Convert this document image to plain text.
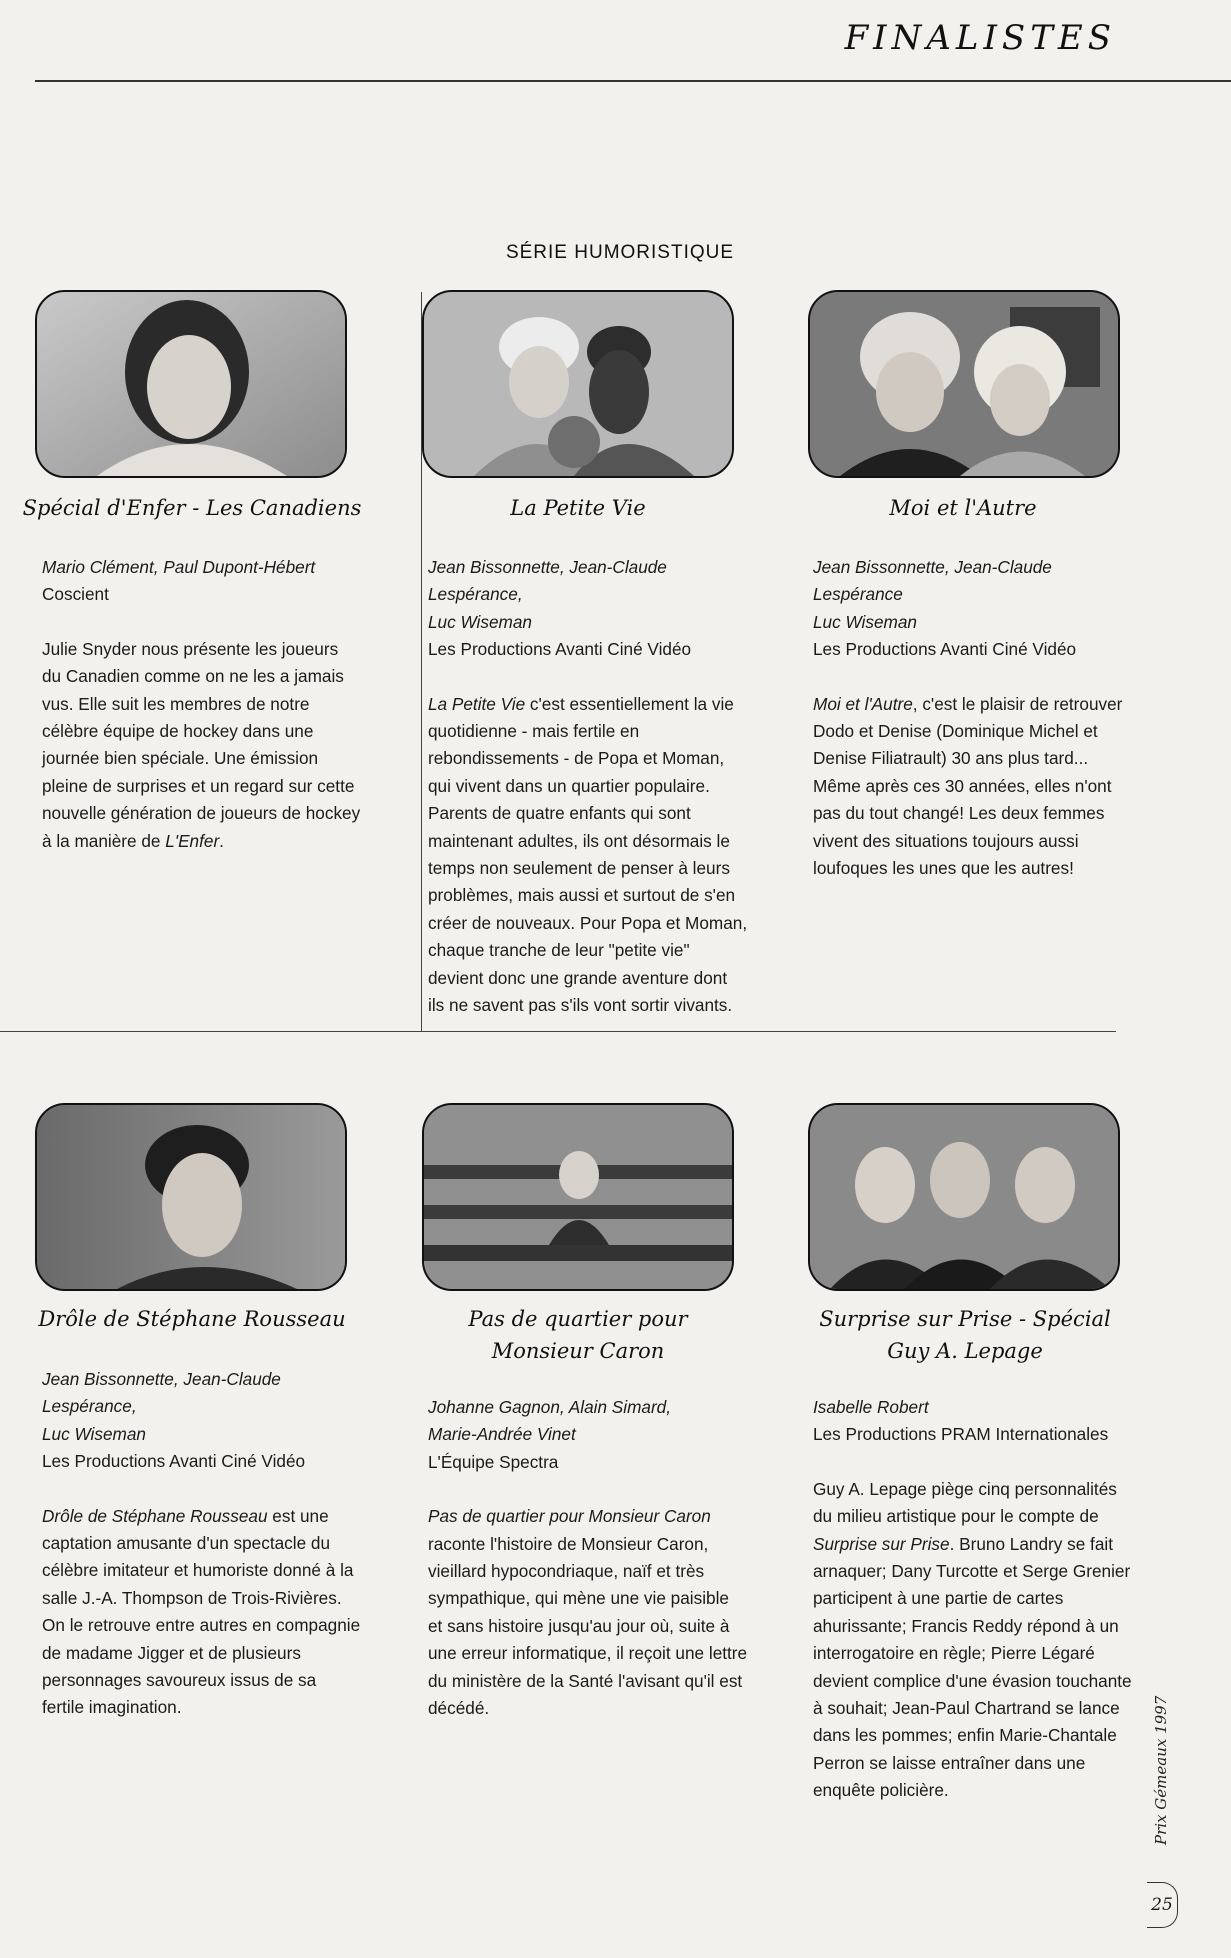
FINALISTES
SÉRIE HUMORISTIQUE
Spécial d'Enfer - Les Canadiens	La Petite Vie	Moi et l'Autre
Drôle de Stéphane Rousseau	Pas de quartier pour Monsieur Caron
Surprise sur Prise - Spécial Guy A. Lepage
Mario Clément, Paul Dupont-Hébert
Coscient
Julie Snyder nous présente les joueurs du Canadien comme on ne les a jamais vus. Elle suit les membres de notre célèbre équipe de hockey dans une journée bien spéciale. Une émission pleine de surprises et un regard sur cette nouvelle génération de joueurs de hockey à la manière de L'Enfer.
Jean Bissonnette, Jean-Claude Lespérance,
Luc Wiseman
Les Productions Avanti Ciné Vidéo
La Petite Vie c'est essentiellement la vie quotidienne - mais fertile en rebondissements - de Popa et Moman, qui vivent dans un quartier populaire. Parents de quatre enfants qui sont maintenant adultes, ils ont désormais le temps non seulement de penser à leurs problèmes, mais aussi et surtout de s'en créer de nouveaux. Pour Popa et Moman, chaque tranche de leur "petite vie" devient donc une grande aventure dont ils ne savent pas s'ils vont sortir vivants.
Jean Bissonnette, Jean-Claude Lespérance
Luc Wiseman
Les Productions Avanti Ciné Vidéo
Moi et l'Autre, c'est le plaisir de retrouver Dodo et Denise (Dominique Michel et Denise Filiatrault) 30 ans plus tard... Même après ces 30 années, elles n'ont pas du tout changé! Les deux femmes vivent des situations toujours aussi loufoques les unes que les autres!
Jean Bissonnette, Jean-Claude Lespérance,
Luc Wiseman
Les Productions Avanti Ciné Vidéo
Drôle de Stéphane Rousseau est une captation amusante d'un spectacle du célèbre imitateur et humoriste donné à la salle J.-A. Thompson de Trois-Rivières. On le retrouve entre autres en compagnie de madame Jigger et de plusieurs personnages savoureux issus de sa fertile imagination.
Johanne Gagnon, Alain Simard,
Marie-Andrée Vinet
L'Équipe Spectra
Pas de quartier pour Monsieur Caron raconte l'histoire de Monsieur Caron, vieillard hypocondriaque, naïf et très sympathique, qui mène une vie paisible et sans histoire jusqu'au jour où, suite à une erreur informatique, il reçoit une lettre du ministère de la Santé l'avisant qu'il est décédé.
Isabelle Robert
Les Productions PRAM Internationales
Guy A. Lepage piège cinq personnalités du milieu artistique pour le compte de Surprise sur Prise. Bruno Landry se fait arnaquer; Dany Turcotte et Serge Grenier participent à une partie de cartes ahurissante; Francis Reddy répond à un interrogatoire en règle; Pierre Légaré devient complice d'une évasion touchante à souhait; Jean-Paul Chartrand se lance dans les pommes; enfin Marie-Chantale Perron se laisse entraîner dans une enquête policière.	Prix Gémeaux 1997
25
